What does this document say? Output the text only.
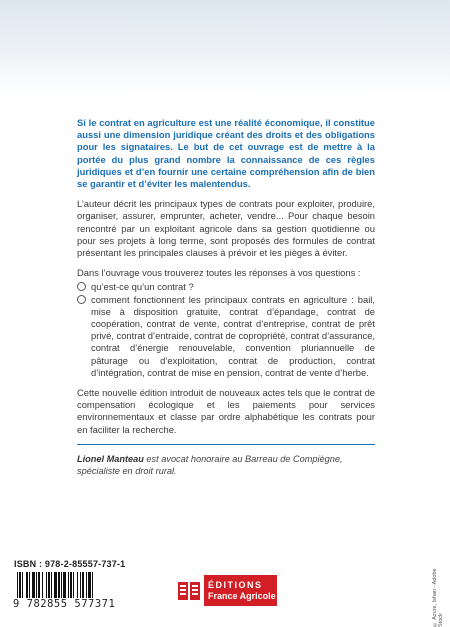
Si le contrat en agriculture est une réalité économique, il constitue aussi une dimension juridique créant des droits et des obligations pour les signataires. Le but de cet ouvrage est de mettre à la portée du plus grand nombre la connaissance de ces règles juridiques et d’en fournir une certaine compréhension afin de bien se garantir et d’éviter les malentendus.

L’auteur décrit les principaux types de contrats pour exploiter, produire, organiser, assurer, emprunter, acheter, vendre... Pour chaque besoin rencontré par un exploitant agricole dans sa gestion quotidienne ou pour ses projets à long terme, sont proposés des formules de contrat présentant les principales clauses à prévoir et les pièges à éviter.

Dans l’ouvrage vous trouverez toutes les réponses à vos questions :

qu’est-ce qu’un contrat ?
comment fonctionnent les principaux contrats en agriculture : bail, mise à disposition gratuite, contrat d’épandage, contrat de coopération, contrat de vente, contrat d’entreprise, contrat de prêt privé, contrat d’entraide, contrat de copropriété, contrat d’assurance, contrat d’énergie renouvelable, convention pluriannuelle de pâturage ou d’exploitation, contrat de production, contrat d’intégration, contrat de mise en pension, contrat de vente d’herbe.

Cette nouvelle édition introduit de nouveaux actes tels que le contrat de compensation écologique et les paiements pour services environnementaux et classe par ordre alphabétique les contrats pour en faciliter la recherche.

Lionel Manteau est avocat honoraire au Barreau de Compiègne, spécialiste en droit rural.
ISBN : 978-2-85557-737-1
9 782855 577371
ÉDITIONS
France Agricole	© Azure, Ishan - Adobe Stock
